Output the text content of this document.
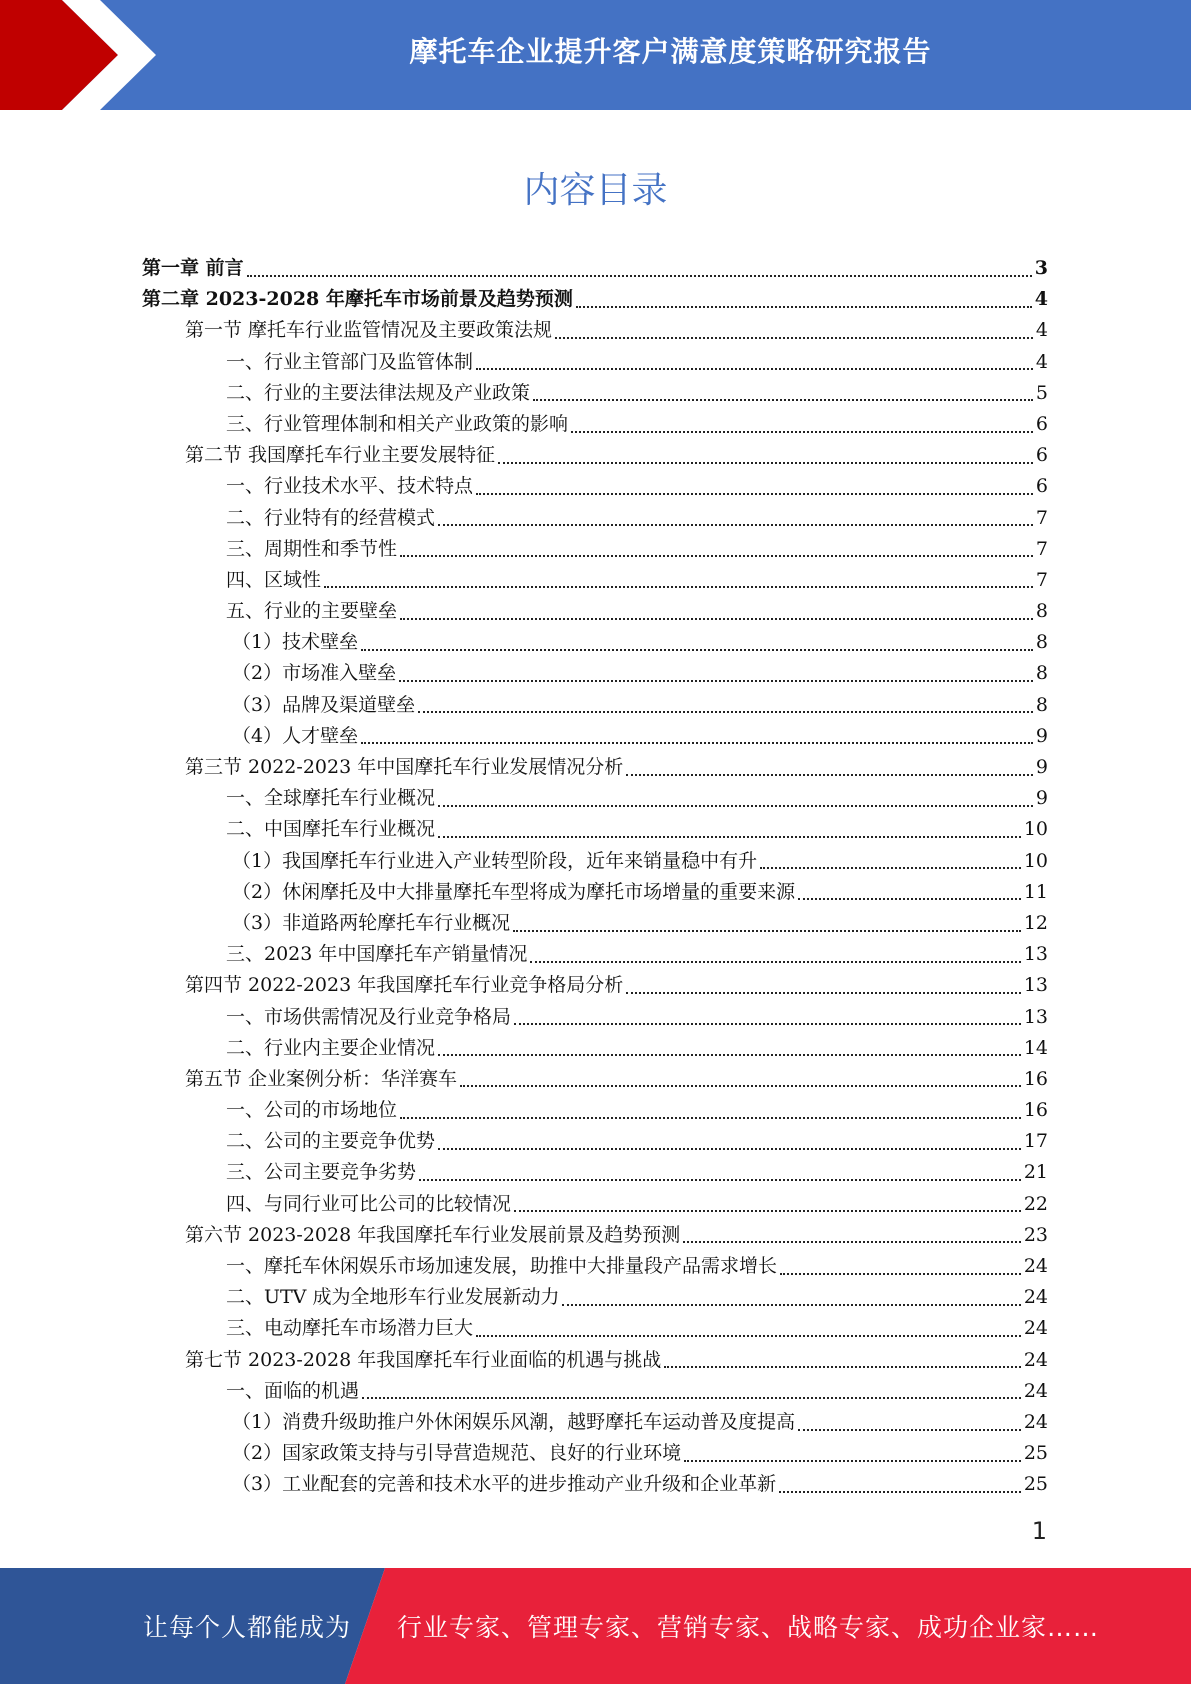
摩托车企业提升客户满意度策略研究报告
内容目录
第一章 前言	3
第二章 2023-2028 年摩托车市场前景及趋势预测	4
第一节 摩托车行业监管情况及主要政策法规	4
一、行业主管部门及监管体制	4
二、行业的主要法律法规及产业政策	5
三、行业管理体制和相关产业政策的影响	6
第二节 我国摩托车行业主要发展特征	6
一、行业技术水平、技术特点	6
二、行业特有的经营模式	7
三、周期性和季节性	7
四、区域性	7
五、行业的主要壁垒	8
（1）技术壁垒	8
（2）市场准入壁垒	8
（3）品牌及渠道壁垒	8
（4）人才壁垒	9
第三节 2022-2023 年中国摩托车行业发展情况分析	9
一、全球摩托车行业概况	9
二、中国摩托车行业概况	10
（1）我国摩托车行业进入产业转型阶段，近年来销量稳中有升	10
（2）休闲摩托及中大排量摩托车型将成为摩托市场增量的重要来源	11
（3）非道路两轮摩托车行业概况	12
三、2023 年中国摩托车产销量情况	13
第四节 2022-2023 年我国摩托车行业竞争格局分析	13
一、市场供需情况及行业竞争格局	13
二、行业内主要企业情况	14
第五节 企业案例分析：华洋赛车	16
一、公司的市场地位	16
二、公司的主要竞争优势	17
三、公司主要竞争劣势	21
四、与同行业可比公司的比较情况	22
第六节 2023-2028 年我国摩托车行业发展前景及趋势预测	23
一、摩托车休闲娱乐市场加速发展，助推中大排量段产品需求增长	24
二、UTV 成为全地形车行业发展新动力	24
三、电动摩托车市场潜力巨大	24
第七节 2023-2028 年我国摩托车行业面临的机遇与挑战	24
一、面临的机遇	24
（1）消费升级助推户外休闲娱乐风潮，越野摩托车运动普及度提高	24
（2）国家政策支持与引导营造规范、良好的行业环境	25
（3）工业配套的完善和技术水平的进步推动产业升级和企业革新	25
1
让每个人都能成为 行业专家、管理专家、营销专家、战略专家、成功企业家……
